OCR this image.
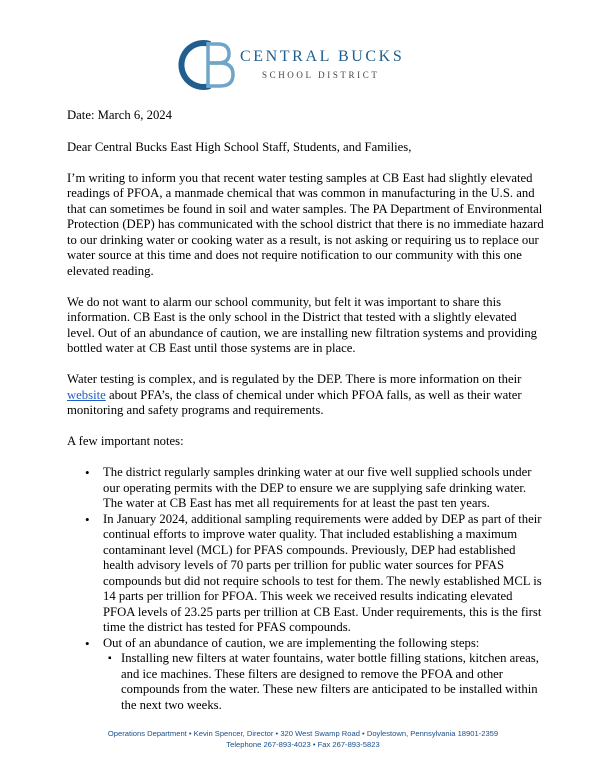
CENTRAL BUCKS
SCHOOL DISTRICT

Date: March 6, 2024

Dear Central Bucks East High School Staff, Students, and Families,

I’m writing to inform you that recent water testing samples at CB East had slightly elevated readings of PFOA, a manmade chemical that was common in manufacturing in the U.S. and that can sometimes be found in soil and water samples. The PA Department of Environmental Protection (DEP) has communicated with the school district that there is no immediate hazard to our drinking water or cooking water as a result, is not asking or requiring us to replace our water source at this time and does not require notification to our community with this one elevated reading.

We do not want to alarm our school community, but felt it was important to share this information. CB East is the only school in the District that tested with a slightly elevated level. Out of an abundance of caution, we are installing new filtration systems and providing bottled water at CB East until those systems are in place.

Water testing is complex, and is regulated by the DEP. There is more information on their website about PFA’s, the class of chemical under which PFOA falls, as well as their water monitoring and safety programs and requirements.

A few important notes:

• The district regularly samples drinking water at our five well supplied schools under our operating permits with the DEP to ensure we are supplying safe drinking water. The water at CB East has met all requirements for at least the past ten years.
• In January 2024, additional sampling requirements were added by DEP as part of their continual efforts to improve water quality. That included establishing a maximum contaminant level (MCL) for PFAS compounds. Previously, DEP had established health advisory levels of 70 parts per trillion for public water sources for PFAS compounds but did not require schools to test for them. The newly established MCL is 14 parts per trillion for PFOA. This week we received results indicating elevated PFOA levels of 23.25 parts per trillion at CB East. Under requirements, this is the first time the district has tested for PFAS compounds.
• Out of an abundance of caution, we are implementing the following steps:
▪ Installing new filters at water fountains, water bottle filling stations, kitchen areas, and ice machines. These filters are designed to remove the PFOA and other compounds from the water. These new filters are anticipated to be installed within the next two weeks.
Operations Department • Kevin Spencer, Director • 320 West Swamp Road • Doylestown, Pennsylvania 18901-2359
Telephone 267-893-4023 • Fax 267-893-5823
